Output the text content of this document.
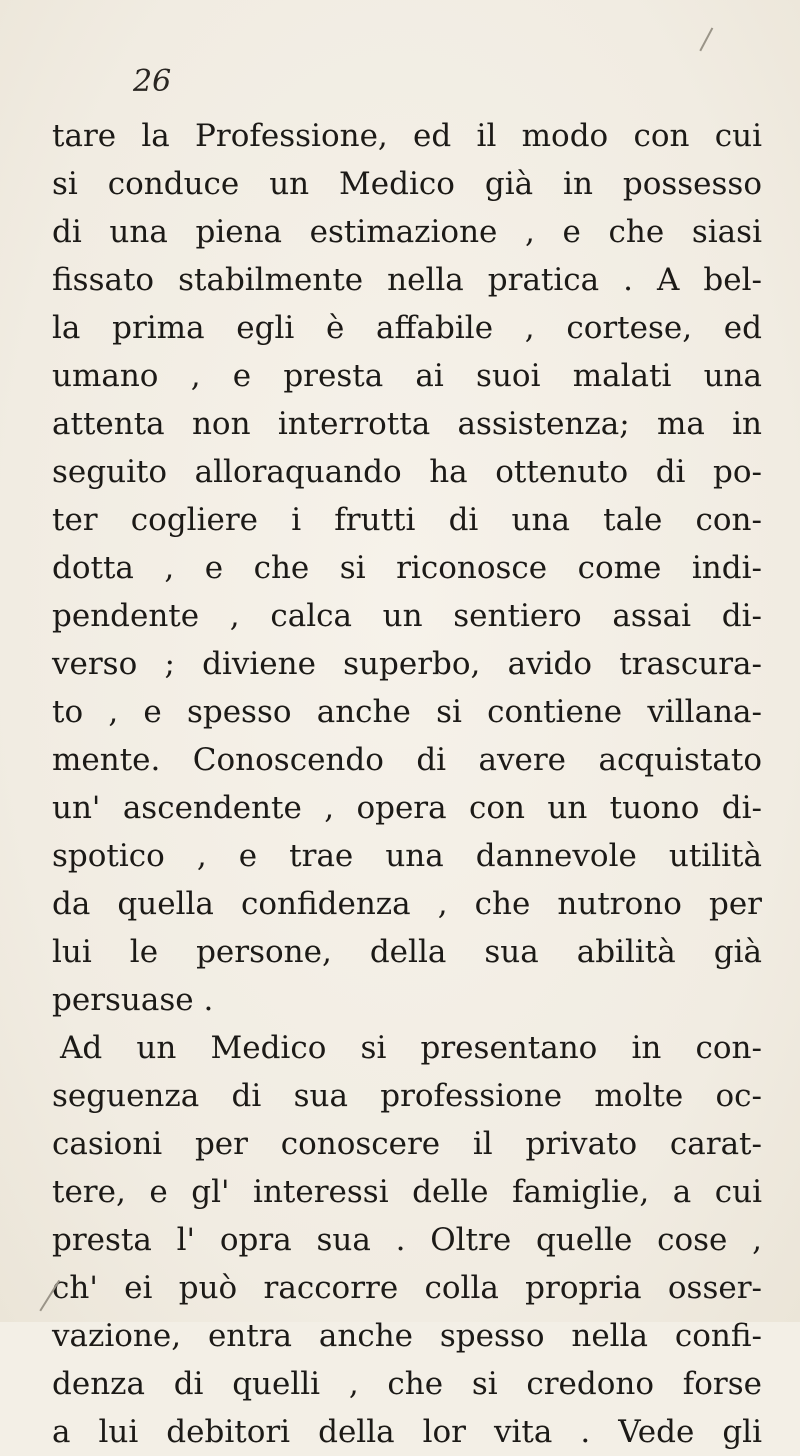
26
tare la Professione, ed il modo con cui
si conduce un Medico già in possesso
di una piena estimazione , e che siasi
fissato stabilmente nella pratica . A bel-
la prima egli è affabile , cortese, ed
umano , e presta ai suoi malati una
attenta non interrotta assistenza; ma in
seguito alloraquando ha ottenuto di po-
ter cogliere i frutti di una tale con-
dotta , e che si riconosce come indi-
pendente , calca un sentiero assai di-
verso ; diviene superbo, avido trascura-
to , e spesso anche si contiene villana-
mente. Conoscendo di avere acquistato
un' ascendente , opera con un tuono di-
spotico , e trae una dannevole utilità
da quella confidenza , che nutrono per
lui le persone, della sua abilità già
persuase .
Ad un Medico si presentano in con-
seguenza di sua professione molte oc-
casioni per conoscere il privato carat-
tere, e gl' interessi delle famiglie, a cui
presta l' opra sua . Oltre quelle cose ,
ch' ei può raccorre colla propria osser-
vazione, entra anche spesso nella confi-
denza di quelli , che si credono forse
a lui debitori della lor vita . Vede gli
